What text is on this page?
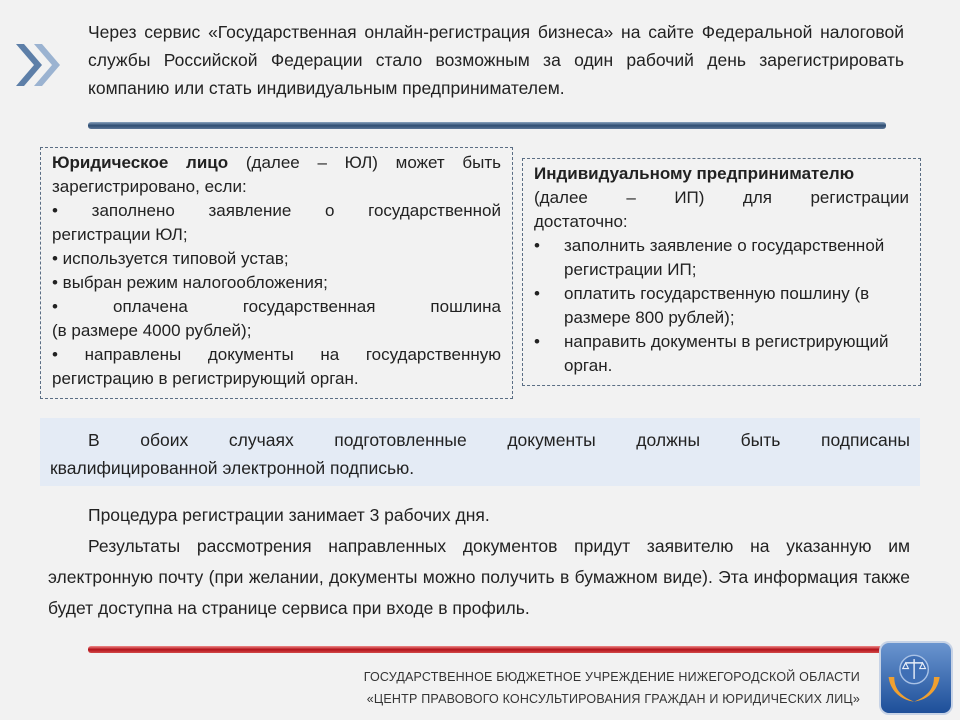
Через сервис «Государственная онлайн-регистрация бизнеса» на сайте Федеральной налоговой службы Российской Федерации стало возможным за один рабочий день зарегистрировать компанию или стать индивидуальным предпринимателем.
Юридическое лицо (далее – ЮЛ) может быть
зарегистрировано, если:
• заполнено заявление о государственной
регистрации ЮЛ;
• используется типовой устав;
• выбран режим налогообложения;
• оплачена государственная пошлина
(в размере 4000 рублей);
• направлены документы на государственную
регистрацию в регистрирующий орган.
Индивидуальному предпринимателю
(далее – ИП) для регистрации
достаточно:
•	заполнить заявление о государственной регистрации ИП;
•	оплатить государственную пошлину (в размере 800 рублей);
•	направить документы в регистрирующий орган.
В обоих случаях подготовленные документы должны быть подписаны
квалифицированной электронной подписью.
Процедура регистрации занимает 3 рабочих дня.
Результаты рассмотрения направленных документов придут заявителю на указанную им электронную почту (при желании, документы можно получить в бумажном виде). Эта информация также будет доступна на странице сервиса при входе в профиль.
ГОСУДАРСТВЕННОЕ БЮДЖЕТНОЕ УЧРЕЖДЕНИЕ НИЖЕГОРОДСКОЙ ОБЛАСТИ
«ЦЕНТР ПРАВОВОГО КОНСУЛЬТИРОВАНИЯ ГРАЖДАН И ЮРИДИЧЕСКИХ ЛИЦ»
